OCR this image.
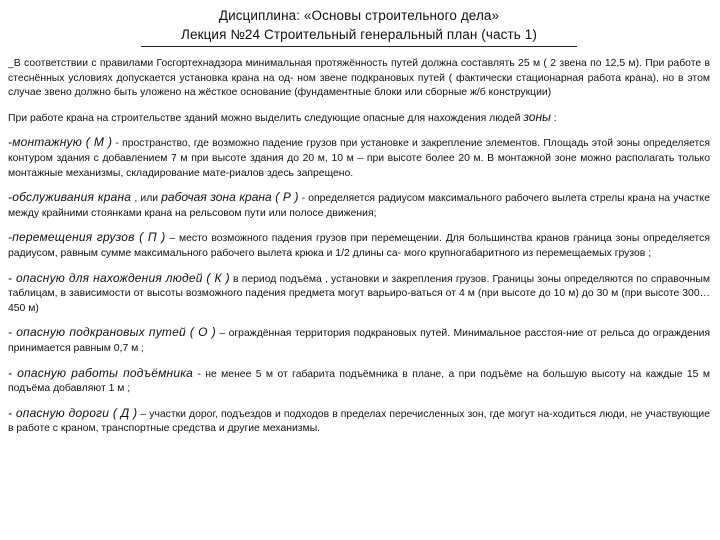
Дисциплина: «Основы строительного дела»
Лекция №24 Строительный генеральный план (часть 1)

_В соответствии с правилами Госгортехнадзора минимальная протяжённость путей должна составлять 25 м ( 2 звена по 12,5 м). При работе в стеснённых условиях допускается установка крана на од- ном звене подкрановых путей ( фактически стационарная работа крана), но в этом случае звено должно быть уложено на жёсткое основание (фундаментные блоки или сборные ж/б конструкции)

При работе крана на строительстве зданий можно выделить следующие опасные для нахождения людей зоны :

-монтажную ( М ) - пространство, где возможно падение грузов при установке и закрепление элементов. Площадь этой зоны определяется контуром здания с добавлением 7 м при высоте здания до 20 м, 10 м – при высоте более 20 м. В монтажной зоне можно располагать только монтажные механизмы, складирование мате-риалов здесь запрещено.

-обслуживания крана , или рабочая зона крана ( Р ) - определяется радиусом максимального рабочего вылета стрелы крана на участке между крайними стоянками крана на рельсовом пути или полосе движения;

-перемещения грузов ( П ) – место возможного падения грузов при перемещении. Для большинства кранов граница зоны определяется радиусом, равным сумме максимального рабочего вылета крюка и 1/2 длины са- мого крупногабаритного из перемещаемых грузов ;

- опасную для нахождения людей ( К ) в период подъёма , установки и закрепления грузов. Границы зоны определяются по справочным таблицам, в зависимости от высоты возможного падения предмета могут варьиро-ваться от 4 м (при высоте до 10 м) до 30 м (при высоте 300…450 м)

- опасную подкрановых путей ( О ) – ограждённая территория подкрановых путей. Минимальное расстоя-ние от рельса до ограждения принимается равным 0,7 м ;

- опасную работы подъёмника - не менее 5 м от габарита подъёмника в плане, а при подъёме на большую высоту на каждые 15 м подъёма добавляют 1 м ;

- опасную дороги ( Д ) – участки дорог, подъездов и подходов в пределах перечисленных зон, где могут на-ходиться люди, не участвующие в работе с краном, транспортные средства и другие механизмы.
